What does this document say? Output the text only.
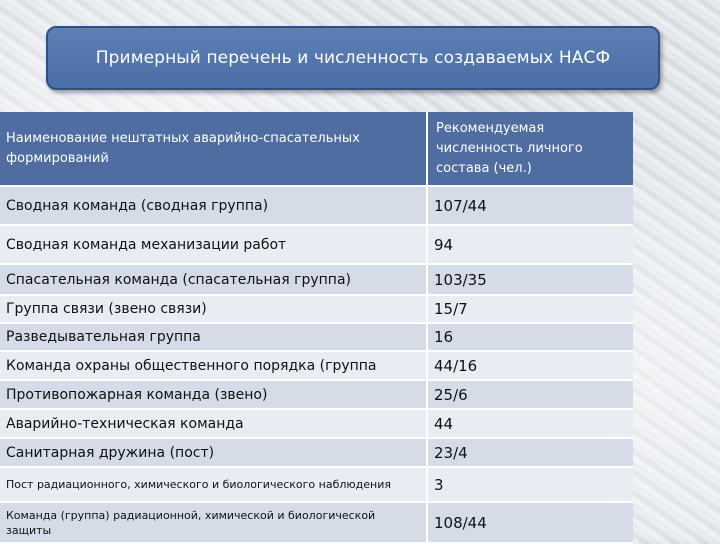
Примерный перечень и численность создаваемых НАСФ
Наименование нештатных аварийно-спасательных формирований	Рекомендуемая численность личного состава (чел.)
Сводная команда (сводная группа)	107/44
Сводная команда механизации работ	94
Спасательная команда (спасательная группа)	103/35
Группа связи (звено связи)	15/7
Разведывательная группа	16
Команда охраны общественного порядка (группа	44/16
Противопожарная команда (звено)	25/6
Аварийно-техническая команда	44
Санитарная дружина (пост)	23/4
Пост радиационного, химического и биологического наблюдения	3
Команда (группа) радиационной, химической и биологической защиты	108/44
